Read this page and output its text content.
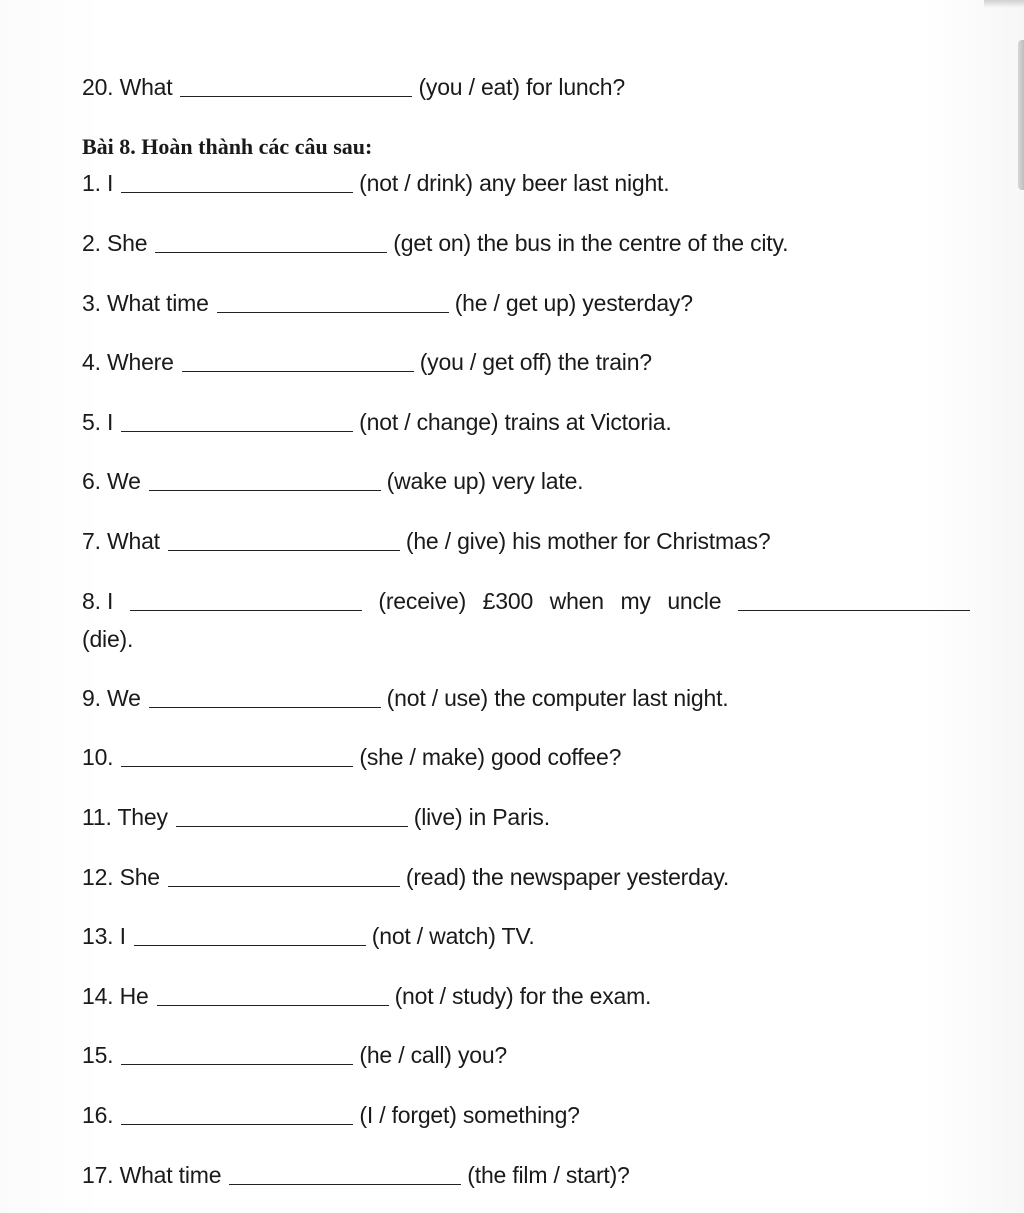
20. What	(you / eat) for lunch?
Bài 8. Hoàn thành các câu sau:
1. I	(not / drink) any beer last night.
2. She	(get on) the bus in the centre of the city.
3. What time	(he / get up) yesterday?
4. Where	(you / get off) the train?
5. I	(not / change) trains at Victoria.
6. We	(wake up) very late.
7. What	(he / give) his mother for Christmas?
8. I	(receive) £300 when my uncle
(die).
9. We	(not / use) the computer last night.
10.	(she / make) good coffee?
11. They	(live) in Paris.
12. She	(read) the newspaper yesterday.
13. I	(not / watch) TV.
14. He	(not / study) for the exam.
15.	(he / call) you?
16.	(I / forget) something?
17. What time	(the film / start)?
